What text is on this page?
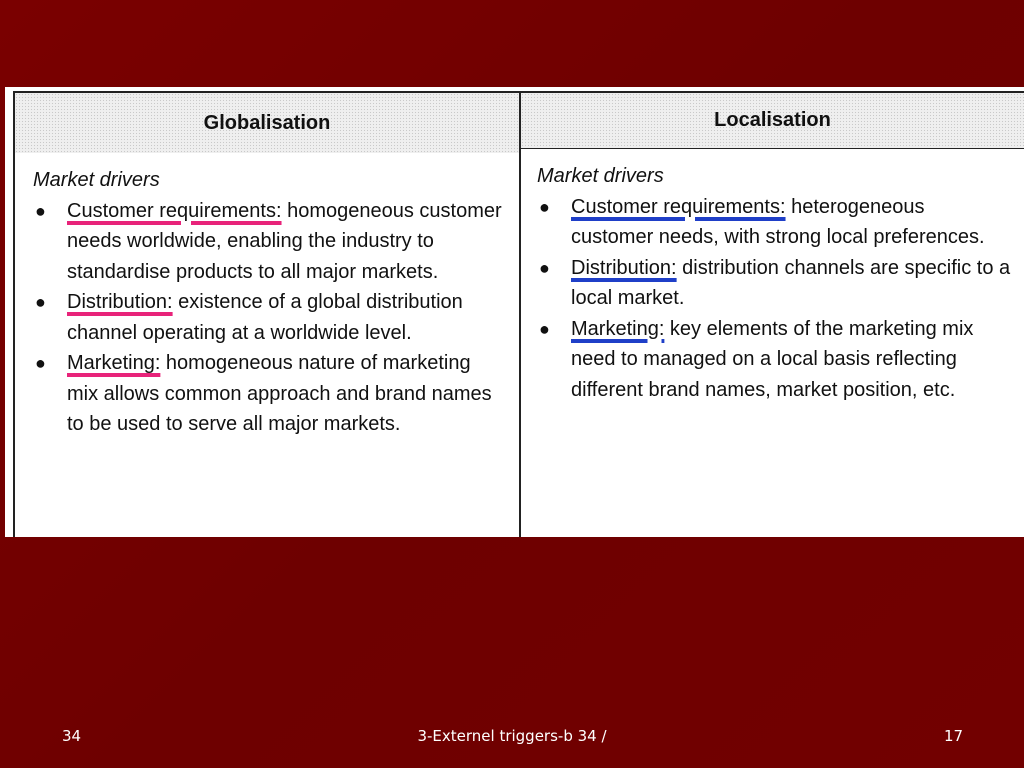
Globalisation	Localisation
Market drivers
● Customer requirements: homogeneous customer needs worldwide, enabling the industry to standardise products to all major markets.
● Distribution: existence of a global distribution channel operating at a worldwide level.
● Marketing: homogeneous nature of marketing mix allows common approach and brand names to be used to serve all major markets.
Market drivers
● Customer requirements: heterogeneous customer needs, with strong local preferences.
● Distribution: distribution channels are specific to a local market.
● Marketing: key elements of the marketing mix need to managed on a local basis reflecting different brand names, market position, etc.
34	3-Externel triggers-b 34 /	17
